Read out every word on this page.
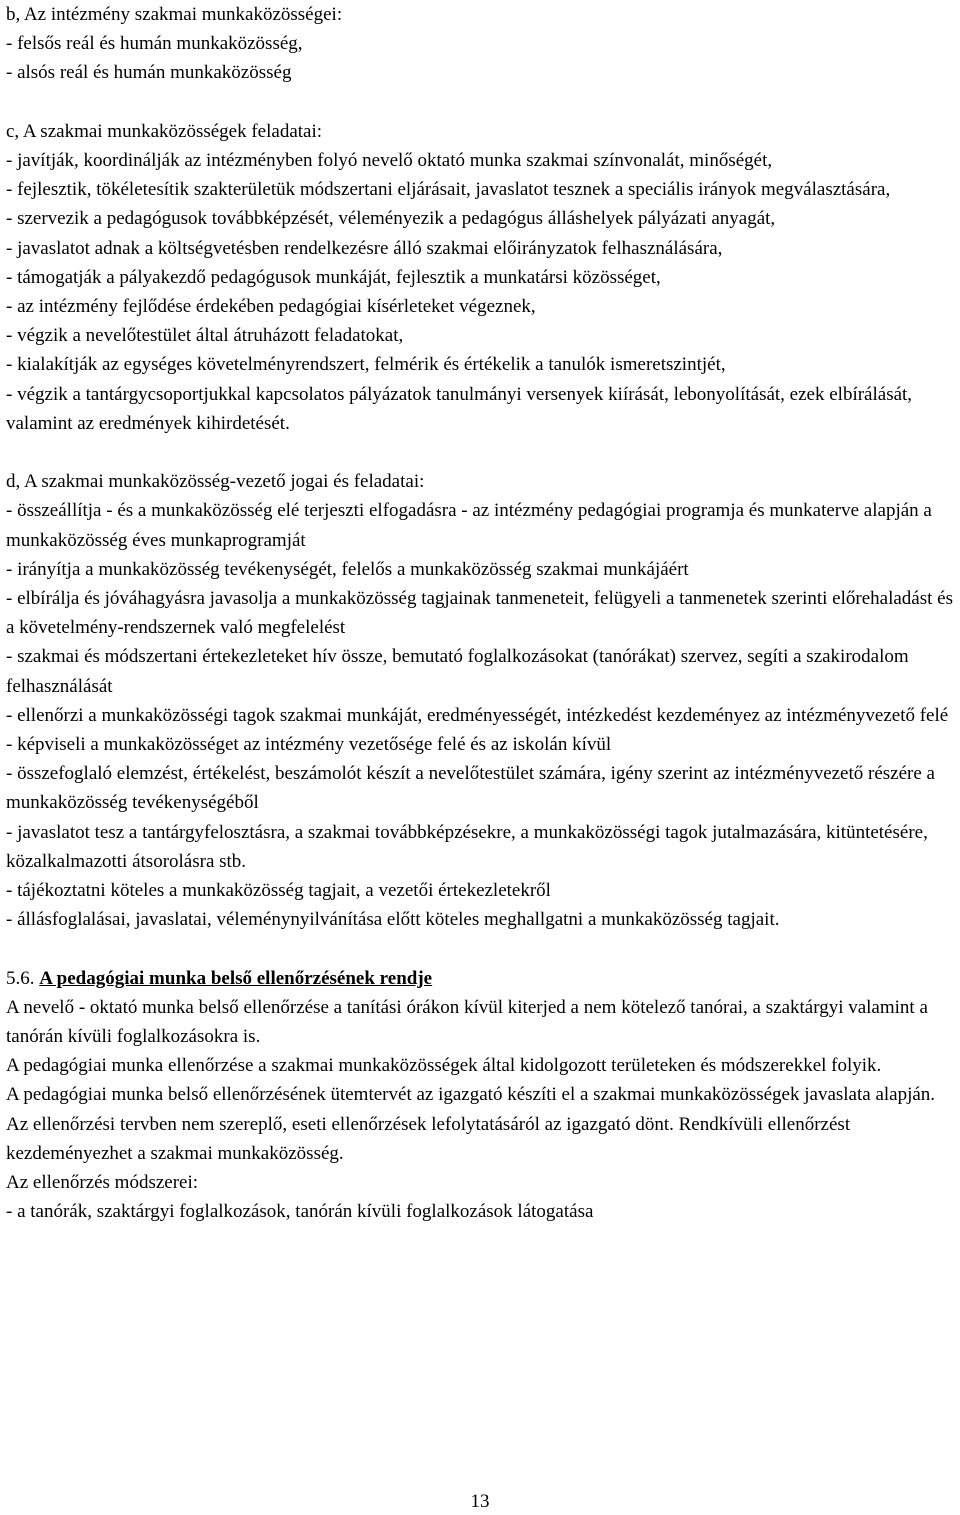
b, Az intézmény szakmai munkaközösségei:

- felsős reál és humán munkaközösség,

- alsós reál és humán munkaközösség

c, A szakmai munkaközösségek feladatai:

- javítják, koordinálják az intézményben folyó nevelő oktató munka szakmai színvonalát, minőségét,

- fejlesztik, tökéletesítik szakterületük módszertani eljárásait, javaslatot tesznek a speciális irányok megválasztására,

- szervezik a pedagógusok továbbképzését, véleményezik a pedagógus álláshelyek pályázati anyagát,

- javaslatot adnak a költségvetésben rendelkezésre álló szakmai előirányzatok felhasználására,

- támogatják a pályakezdő pedagógusok munkáját, fejlesztik a munkatársi közösséget,

- az intézmény fejlődése érdekében pedagógiai kísérleteket végeznek,

- végzik a nevelőtestület által átruházott feladatokat,

- kialakítják az egységes követelményrendszert, felmérik és értékelik a tanulók ismeretszintjét,

- végzik a tantárgycsoportjukkal kapcsolatos pályázatok tanulmányi versenyek kiírását, lebonyolítását, ezek elbírálását, valamint az eredmények kihirdetését.

d, A szakmai munkaközösség-vezető jogai és feladatai:

- összeállítja - és a munkaközösség elé terjeszti elfogadásra - az intézmény pedagógiai programja és munkaterve alapján a munkaközösség éves munkaprogramját

- irányítja a munkaközösség tevékenységét, felelős a munkaközösség szakmai munkájáért

- elbírálja és jóváhagyásra javasolja a munkaközösség tagjainak tanmeneteit, felügyeli a tanmenetek szerinti előrehaladást és a követelmény-rendszernek való megfelelést

- szakmai és módszertani értekezleteket hív össze, bemutató foglalkozásokat (tanórákat) szervez, segíti a szakirodalom felhasználását

- ellenőrzi a munkaközösségi tagok szakmai munkáját, eredményességét, intézkedést kezdeményez az intézményvezető felé

- képviseli a munkaközösséget az intézmény vezetősége felé és az iskolán kívül

- összefoglaló elemzést, értékelést, beszámolót készít a nevelőtestület számára, igény szerint az intézményvezető részére a munkaközösség tevékenységéből

- javaslatot tesz a tantárgyfelosztásra, a szakmai továbbképzésekre, a munkaközösségi tagok jutalmazására, kitüntetésére, közalkalmazotti átsorolásra stb.

- tájékoztatni köteles a munkaközösség tagjait, a vezetői értekezletekről

- állásfoglalásai, javaslatai, véleménynyilvánítása előtt köteles meghallgatni a munkaközösség tagjait.

5.6. A pedagógiai munka belső ellenőrzésének rendje

A nevelő - oktató munka belső ellenőrzése a tanítási órákon kívül kiterjed a nem kötelező tanórai, a szaktárgyi valamint a tanórán kívüli foglalkozásokra is.

A pedagógiai munka ellenőrzése a szakmai munkaközösségek által kidolgozott területeken és módszerekkel folyik.

A pedagógiai munka belső ellenőrzésének ütemtervét az igazgató készíti el a szakmai munkaközösségek javaslata alapján. Az ellenőrzési tervben nem szereplő, eseti ellenőrzések lefolytatásáról az igazgató dönt. Rendkívüli ellenőrzést kezdeményezhet a szakmai munkaközösség.

Az ellenőrzés módszerei:

- a tanórák, szaktárgyi foglalkozások, tanórán kívüli foglalkozások látogatása

13
